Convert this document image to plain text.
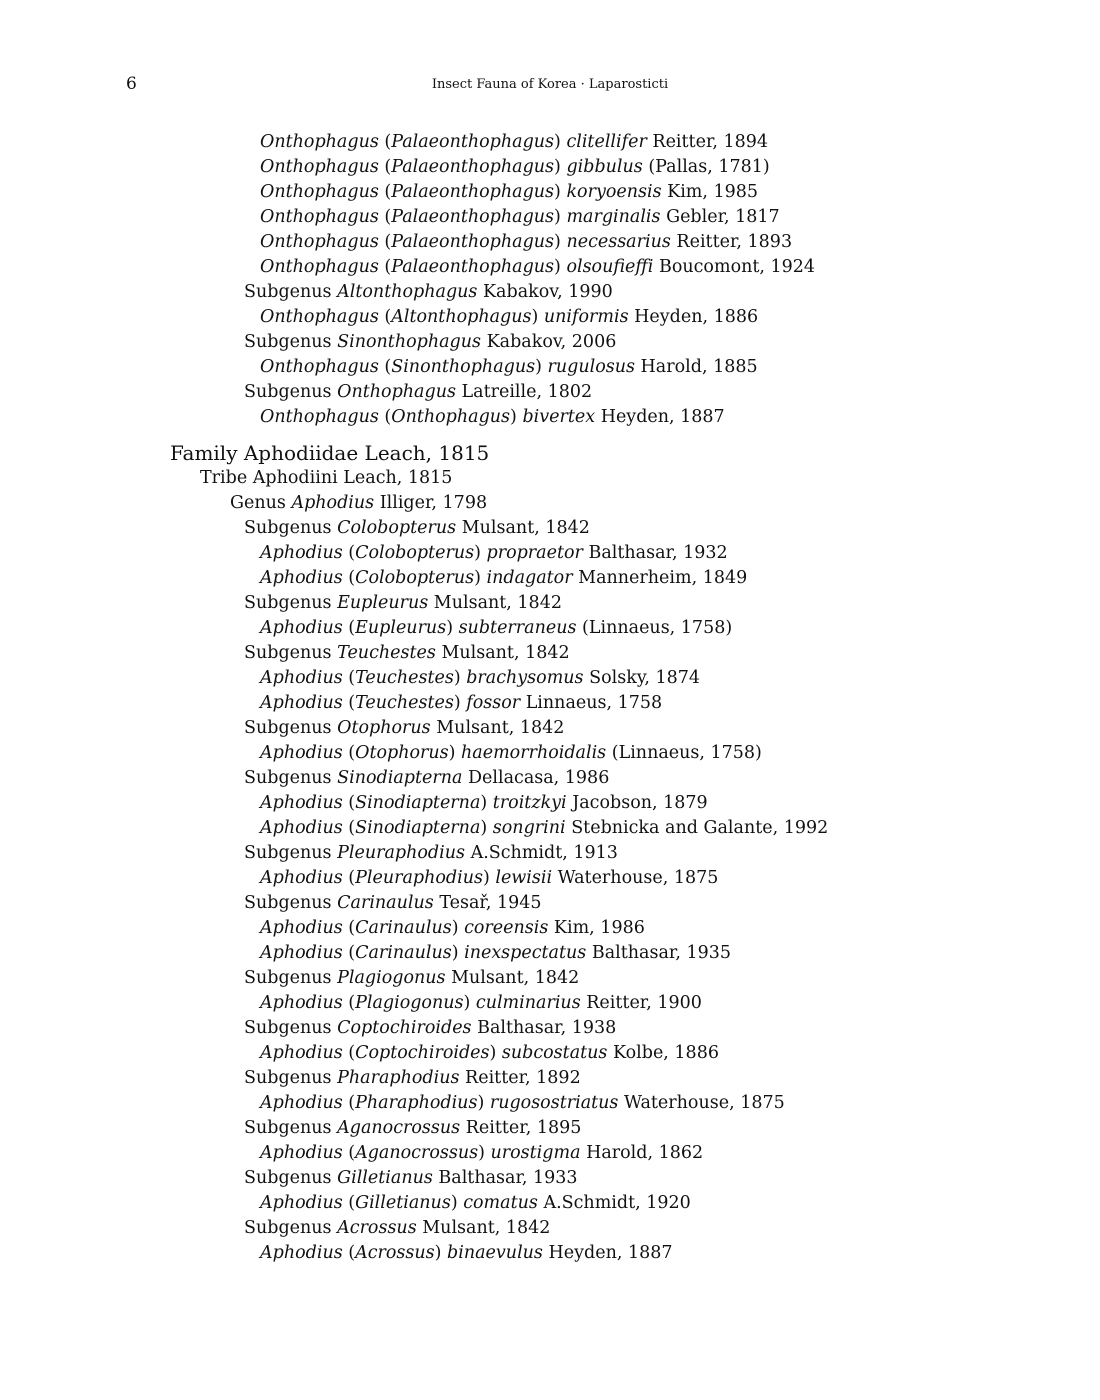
6	Insect Fauna of Korea · Laparosticti
Onthophagus (Palaeonthophagus) clitellifer Reitter, 1894
Onthophagus (Palaeonthophagus) gibbulus (Pallas, 1781)
Onthophagus (Palaeonthophagus) koryoensis Kim, 1985
Onthophagus (Palaeonthophagus) marginalis Gebler, 1817
Onthophagus (Palaeonthophagus) necessarius Reitter, 1893
Onthophagus (Palaeonthophagus) olsoufieffi Boucomont, 1924
Subgenus Altonthophagus Kabakov, 1990
Onthophagus (Altonthophagus) uniformis Heyden, 1886
Subgenus Sinonthophagus Kabakov, 2006
Onthophagus (Sinonthophagus) rugulosus Harold, 1885
Subgenus Onthophagus Latreille, 1802
Onthophagus (Onthophagus) bivertex Heyden, 1887
Family Aphodiidae Leach, 1815
Tribe Aphodiini Leach, 1815
Genus Aphodius Illiger, 1798
Subgenus Colobopterus Mulsant, 1842
Aphodius (Colobopterus) propraetor Balthasar, 1932
Aphodius (Colobopterus) indagator Mannerheim, 1849
Subgenus Eupleurus Mulsant, 1842
Aphodius (Eupleurus) subterraneus (Linnaeus, 1758)
Subgenus Teuchestes Mulsant, 1842
Aphodius (Teuchestes) brachysomus Solsky, 1874
Aphodius (Teuchestes) fossor Linnaeus, 1758
Subgenus Otophorus Mulsant, 1842
Aphodius (Otophorus) haemorrhoidalis (Linnaeus, 1758)
Subgenus Sinodiapterna Dellacasa, 1986
Aphodius (Sinodiapterna) troitzkyi Jacobson, 1879
Aphodius (Sinodiapterna) songrini Stebnicka and Galante, 1992
Subgenus Pleuraphodius A.Schmidt, 1913
Aphodius (Pleuraphodius) lewisii Waterhouse, 1875
Subgenus Carinaulus Tesař, 1945
Aphodius (Carinaulus) coreensis Kim, 1986
Aphodius (Carinaulus) inexspectatus Balthasar, 1935
Subgenus Plagiogonus Mulsant, 1842
Aphodius (Plagiogonus) culminarius Reitter, 1900
Subgenus Coptochiroides Balthasar, 1938
Aphodius (Coptochiroides) subcostatus Kolbe, 1886
Subgenus Pharaphodius Reitter, 1892
Aphodius (Pharaphodius) rugosostriatus Waterhouse, 1875
Subgenus Aganocrossus Reitter, 1895
Aphodius (Aganocrossus) urostigma Harold, 1862
Subgenus Gilletianus Balthasar, 1933
Aphodius (Gilletianus) comatus A.Schmidt, 1920
Subgenus Acrossus Mulsant, 1842
Aphodius (Acrossus) binaevulus Heyden, 1887
